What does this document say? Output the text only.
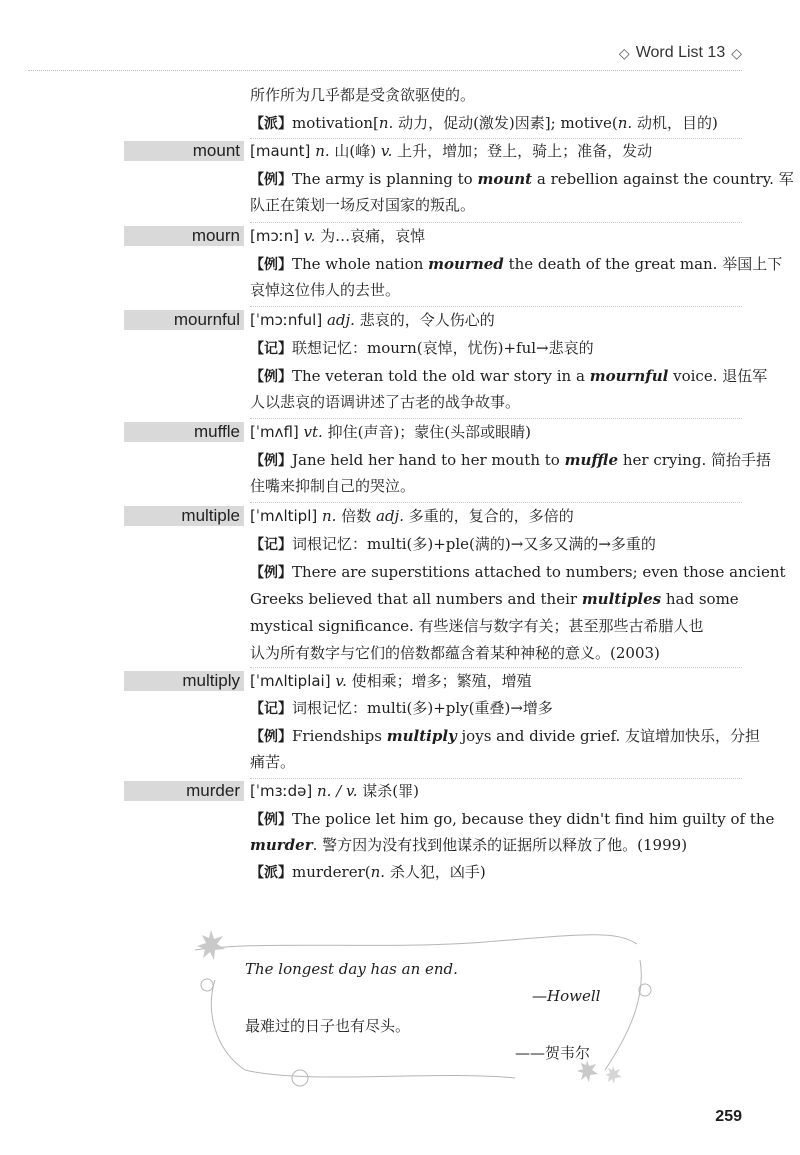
◇ Word List 13 ◇
所作所为几乎都是受贪欲驱使的。
【派】motivation[n. 动力，促动(激发)因素]; motive(n. 动机，目的)
mount [maunt] n. 山(峰) v. 上升，增加；登上，骑上；准备，发动
【例】The army is planning to mount a rebellion against the country. 军
队正在策划一场反对国家的叛乱。
mourn [mɔːn] v. 为…哀痛，哀悼
【例】The whole nation mourned the death of the great man. 举国上下
哀悼这位伟人的去世。
mournful [ˈmɔːnful] adj. 悲哀的，令人伤心的
【记】联想记忆：mourn(哀悼，忧伤)+ful→悲哀的
【例】The veteran told the old war story in a mournful voice. 退伍军
人以悲哀的语调讲述了古老的战争故事。
muffle [ˈmʌfl] vt. 抑住(声音)；蒙住(头部或眼睛)
【例】Jane held her hand to her mouth to muffle her crying. 简抬手捂
住嘴来抑制自己的哭泣。
multiple [ˈmʌltipl] n. 倍数 adj. 多重的，复合的，多倍的
【记】词根记忆：multi(多)+ple(满的)→又多又满的→多重的
【例】There are superstitions attached to numbers; even those ancient
Greeks believed that all numbers and their multiples had some
mystical significance. 有些迷信与数字有关；甚至那些古希腊人也
认为所有数字与它们的倍数都蕴含着某种神秘的意义。(2003)
multiply [ˈmʌltiplai] v. 使相乘；增多；繁殖，增殖
【记】词根记忆：multi(多)+ply(重叠)→增多
【例】Friendships multiply joys and divide grief. 友谊增加快乐，分担
痛苦。
murder [ˈmɜːdə] n. / v. 谋杀(罪)
【例】The police let him go, because they didn't find him guilty of the
murder. 警方因为没有找到他谋杀的证据所以释放了他。(1999)
【派】murderer(n. 杀人犯，凶手)
The longest day has an end.
—Howell
最难过的日子也有尽头。
——贺韦尔
259
